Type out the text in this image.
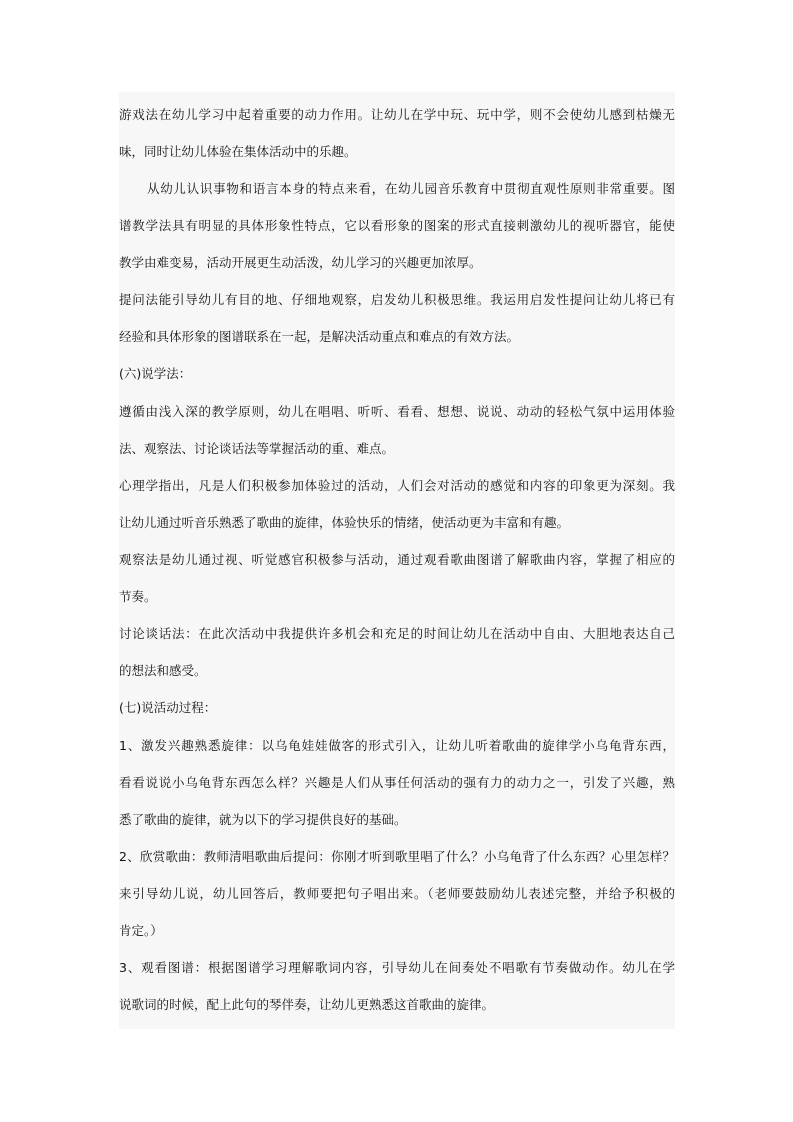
游戏法在幼儿学习中起着重要的动力作用。让幼儿在学中玩、玩中学，则不会使幼儿感到枯燥无
味，同时让幼儿体验在集体活动中的乐趣。
从幼儿认识事物和语言本身的特点来看，在幼儿园音乐教育中贯彻直观性原则非常重要。图
谱教学法具有明显的具体形象性特点，它以看形象的图案的形式直接刺激幼儿的视听器官，能使
教学由难变易，活动开展更生动活泼，幼儿学习的兴趣更加浓厚。
提问法能引导幼儿有目的地、仔细地观察，启发幼儿积极思维。我运用启发性提问让幼儿将已有
经验和具体形象的图谱联系在一起，是解决活动重点和难点的有效方法。
(六)说学法：
遵循由浅入深的教学原则，幼儿在唱唱、听听、看看、想想、说说、动动的轻松气氛中运用体验
法、观察法、讨论谈话法等掌握活动的重、难点。
心理学指出，凡是人们积极参加体验过的活动，人们会对活动的感觉和内容的印象更为深刻。我
让幼儿通过听音乐熟悉了歌曲的旋律，体验快乐的情绪，使活动更为丰富和有趣。
观察法是幼儿通过视、听觉感官积极参与活动，通过观看歌曲图谱了解歌曲内容，掌握了相应的
节奏。
讨论谈话法：在此次活动中我提供许多机会和充足的时间让幼儿在活动中自由、大胆地表达自己
的想法和感受。
(七)说活动过程：
1、激发兴趣熟悉旋律：以乌龟娃娃做客的形式引入，让幼儿听着歌曲的旋律学小乌龟背东西，
看看说说小乌龟背东西怎么样？兴趣是人们从事任何活动的强有力的动力之一，引发了兴趣，熟
悉了歌曲的旋律，就为以下的学习提供良好的基础。
2、欣赏歌曲：教师清唱歌曲后提问：你刚才听到歌里唱了什么？小乌龟背了什么东西？心里怎样？
来引导幼儿说，幼儿回答后，教师要把句子唱出来。（老师要鼓励幼儿表述完整，并给予积极的
肯定。）
3、观看图谱：根据图谱学习理解歌词内容，引导幼儿在间奏处不唱歌有节奏做动作。幼儿在学
说歌词的时候，配上此句的琴伴奏，让幼儿更熟悉这首歌曲的旋律。
